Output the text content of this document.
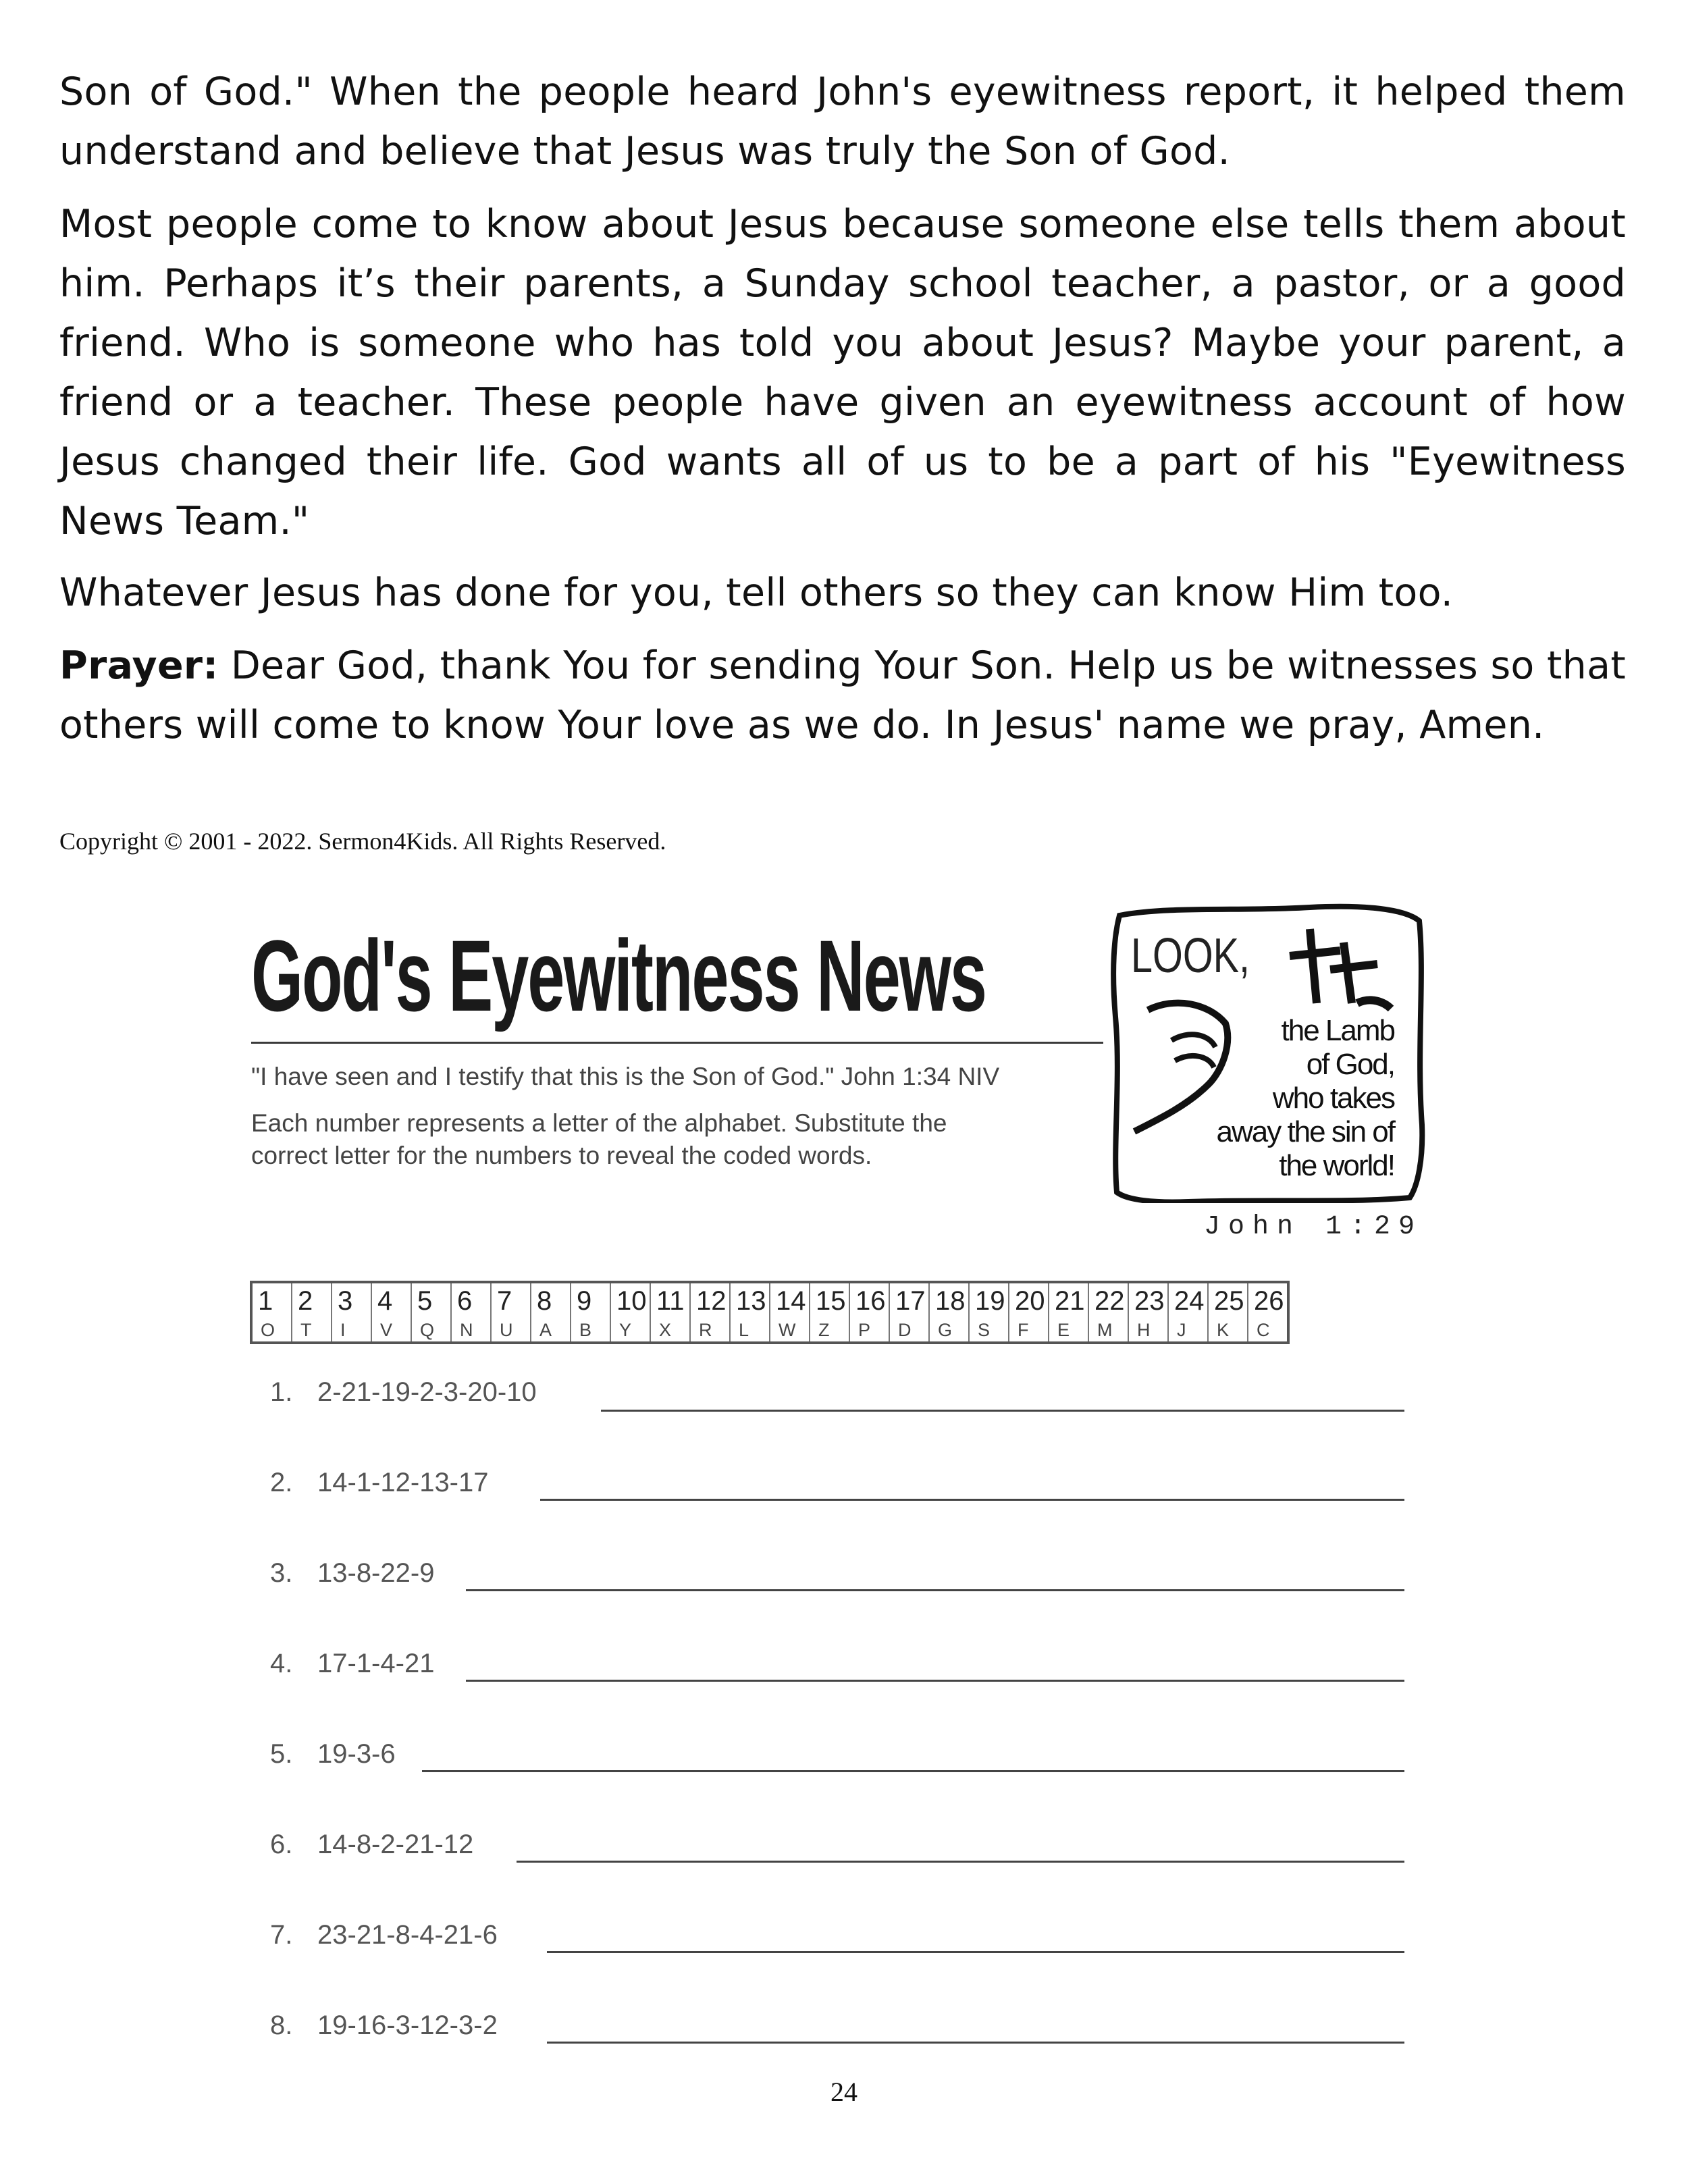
Son of God." When the people heard John's eyewitness report, it helped them understand and believe that Jesus was truly the Son of God.

Most people come to know about Jesus because someone else tells them about him. Perhaps it’s their parents, a Sunday school teacher, a pastor, or a good friend. Who is someone who has told you about Jesus? Maybe your parent, a friend or a teacher. These people have given an eyewitness account of how Jesus changed their life. God wants all of us to be a part of his "Eyewitness News Team."

Whatever Jesus has done for you, tell others so they can know Him too.

Prayer: Dear God, thank You for sending Your Son. Help us be witnesses so that others will come to know Your love as we do. In Jesus' name we pray, Amen.

Copyright © 2001 - 2022. Sermon4Kids. All Rights Reserved.
God's Eyewitness News
"I have seen and I testify that this is the Son of God." John 1:34 NIV
Each number represents a letter of the alphabet. Substitute the
correct letter for the numbers to reveal the coded words.
LOOK,
the Lamb
of God,
who takes
away the sin of
the world!
John 1:29
1	2	3	4	5	6	7	8	9	10	11	12	13	14	15	16	17	18	19	20	21	22	23	24	25	26
O	T	I	V	Q	N	U	A	B	Y	X	R	L	W	Z	P	D	G	S	F	E	M	H	J	K	C
1. 2-21-19-2-3-20-10
2. 14-1-12-13-17
3. 13-8-22-9
4. 17-1-4-21
5. 19-3-6
6. 14-8-2-21-12
7. 23-21-8-4-21-6
8. 19-16-3-12-3-2
24
